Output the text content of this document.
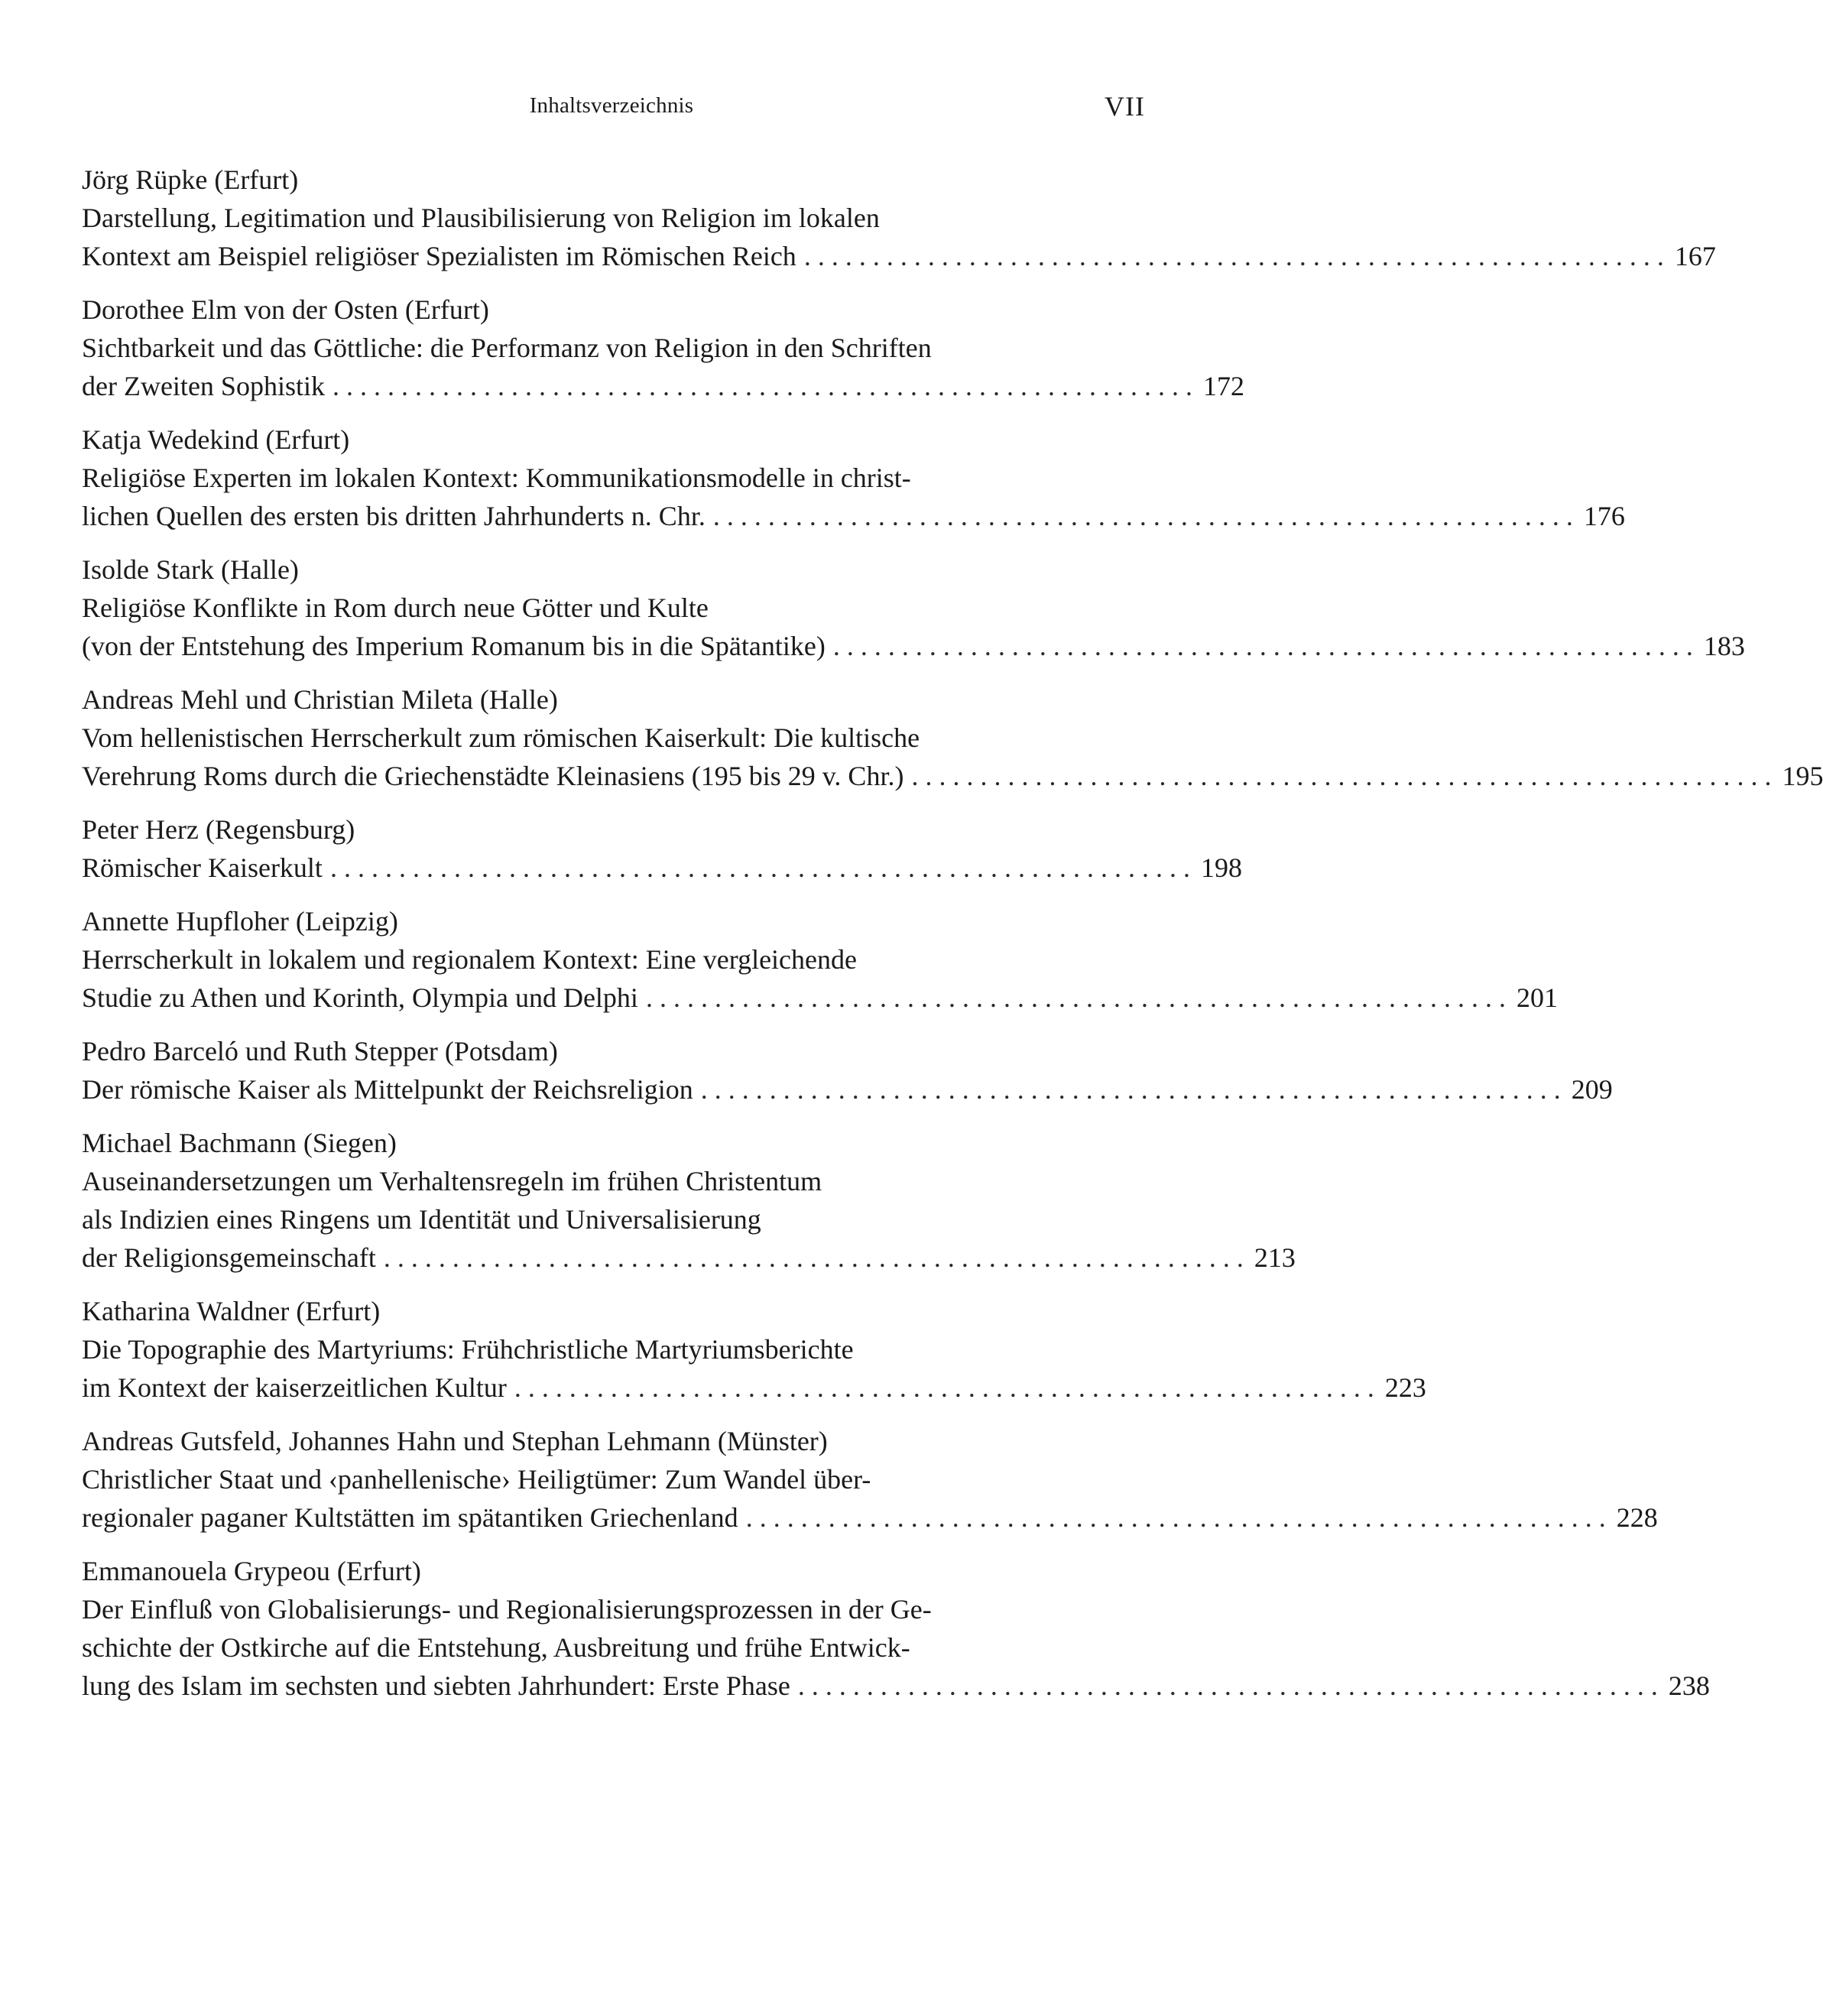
Inhaltsverzeichnis	VII
Jörg Rüpke (Erfurt)
Darstellung, Legitimation und Plausibilisierung von Religion im lokalen
Kontext am Beispiel religiöser Spezialisten im Römischen Reich . . . . . . . . . . . . . . . . . . . . . . . . . . . . . . . . . . . . . . . . . . . . . . . . . . . . . . . . . . . . . . . 167
Dorothee Elm von der Osten (Erfurt)
Sichtbarkeit und das Göttliche: die Performanz von Religion in den Schriften
der Zweiten Sophistik . . . . . . . . . . . . . . . . . . . . . . . . . . . . . . . . . . . . . . . . . . . . . . . . . . . . . . . . . . . . . . . 172
Katja Wedekind (Erfurt)
Religiöse Experten im lokalen Kontext: Kommunikationsmodelle in christ-
lichen Quellen des ersten bis dritten Jahrhunderts n. Chr. . . . . . . . . . . . . . . . . . . . . . . . . . . . . . . . . . . . . . . . . . . . . . . . . . . . . . . . . . . . . . . . 176
Isolde Stark (Halle)
Religiöse Konflikte in Rom durch neue Götter und Kulte
(von der Entstehung des Imperium Romanum bis in die Spätantike) . . . . . . . . . . . . . . . . . . . . . . . . . . . . . . . . . . . . . . . . . . . . . . . . . . . . . . . . . . . . . . . 183
Andreas Mehl und Christian Mileta (Halle)
Vom hellenistischen Herrscherkult zum römischen Kaiserkult: Die kultische
Verehrung Roms durch die Griechenstädte Kleinasiens (195 bis 29 v. Chr.) . . . . . . . . . . . . . . . . . . . . . . . . . . . . . . . . . . . . . . . . . . . . . . . . . . . . . . . . . . . . . . . 195
Peter Herz (Regensburg)
Römischer Kaiserkult . . . . . . . . . . . . . . . . . . . . . . . . . . . . . . . . . . . . . . . . . . . . . . . . . . . . . . . . . . . . . . . 198
Annette Hupfloher (Leipzig)
Herrscherkult in lokalem und regionalem Kontext: Eine vergleichende
Studie zu Athen und Korinth, Olympia und Delphi . . . . . . . . . . . . . . . . . . . . . . . . . . . . . . . . . . . . . . . . . . . . . . . . . . . . . . . . . . . . . . . 201
Pedro Barceló und Ruth Stepper (Potsdam)
Der römische Kaiser als Mittelpunkt der Reichsreligion . . . . . . . . . . . . . . . . . . . . . . . . . . . . . . . . . . . . . . . . . . . . . . . . . . . . . . . . . . . . . . . 209
Michael Bachmann (Siegen)
Auseinandersetzungen um Verhaltensregeln im frühen Christentum
als Indizien eines Ringens um Identität und Universalisierung
der Religionsgemeinschaft . . . . . . . . . . . . . . . . . . . . . . . . . . . . . . . . . . . . . . . . . . . . . . . . . . . . . . . . . . . . . . . 213
Katharina Waldner (Erfurt)
Die Topographie des Martyriums: Frühchristliche Martyriumsberichte
im Kontext der kaiserzeitlichen Kultur . . . . . . . . . . . . . . . . . . . . . . . . . . . . . . . . . . . . . . . . . . . . . . . . . . . . . . . . . . . . . . . 223
Andreas Gutsfeld, Johannes Hahn und Stephan Lehmann (Münster)
Christlicher Staat und ‹panhellenische› Heiligtümer: Zum Wandel über-
regionaler paganer Kultstätten im spätantiken Griechenland . . . . . . . . . . . . . . . . . . . . . . . . . . . . . . . . . . . . . . . . . . . . . . . . . . . . . . . . . . . . . . . 228
Emmanouela Grypeou (Erfurt)
Der Einfluß von Globalisierungs- und Regionalisierungsprozessen in der Ge-
schichte der Ostkirche auf die Entstehung, Ausbreitung und frühe Entwick-
lung des Islam im sechsten und siebten Jahrhundert: Erste Phase . . . . . . . . . . . . . . . . . . . . . . . . . . . . . . . . . . . . . . . . . . . . . . . . . . . . . . . . . . . . . . . 238
